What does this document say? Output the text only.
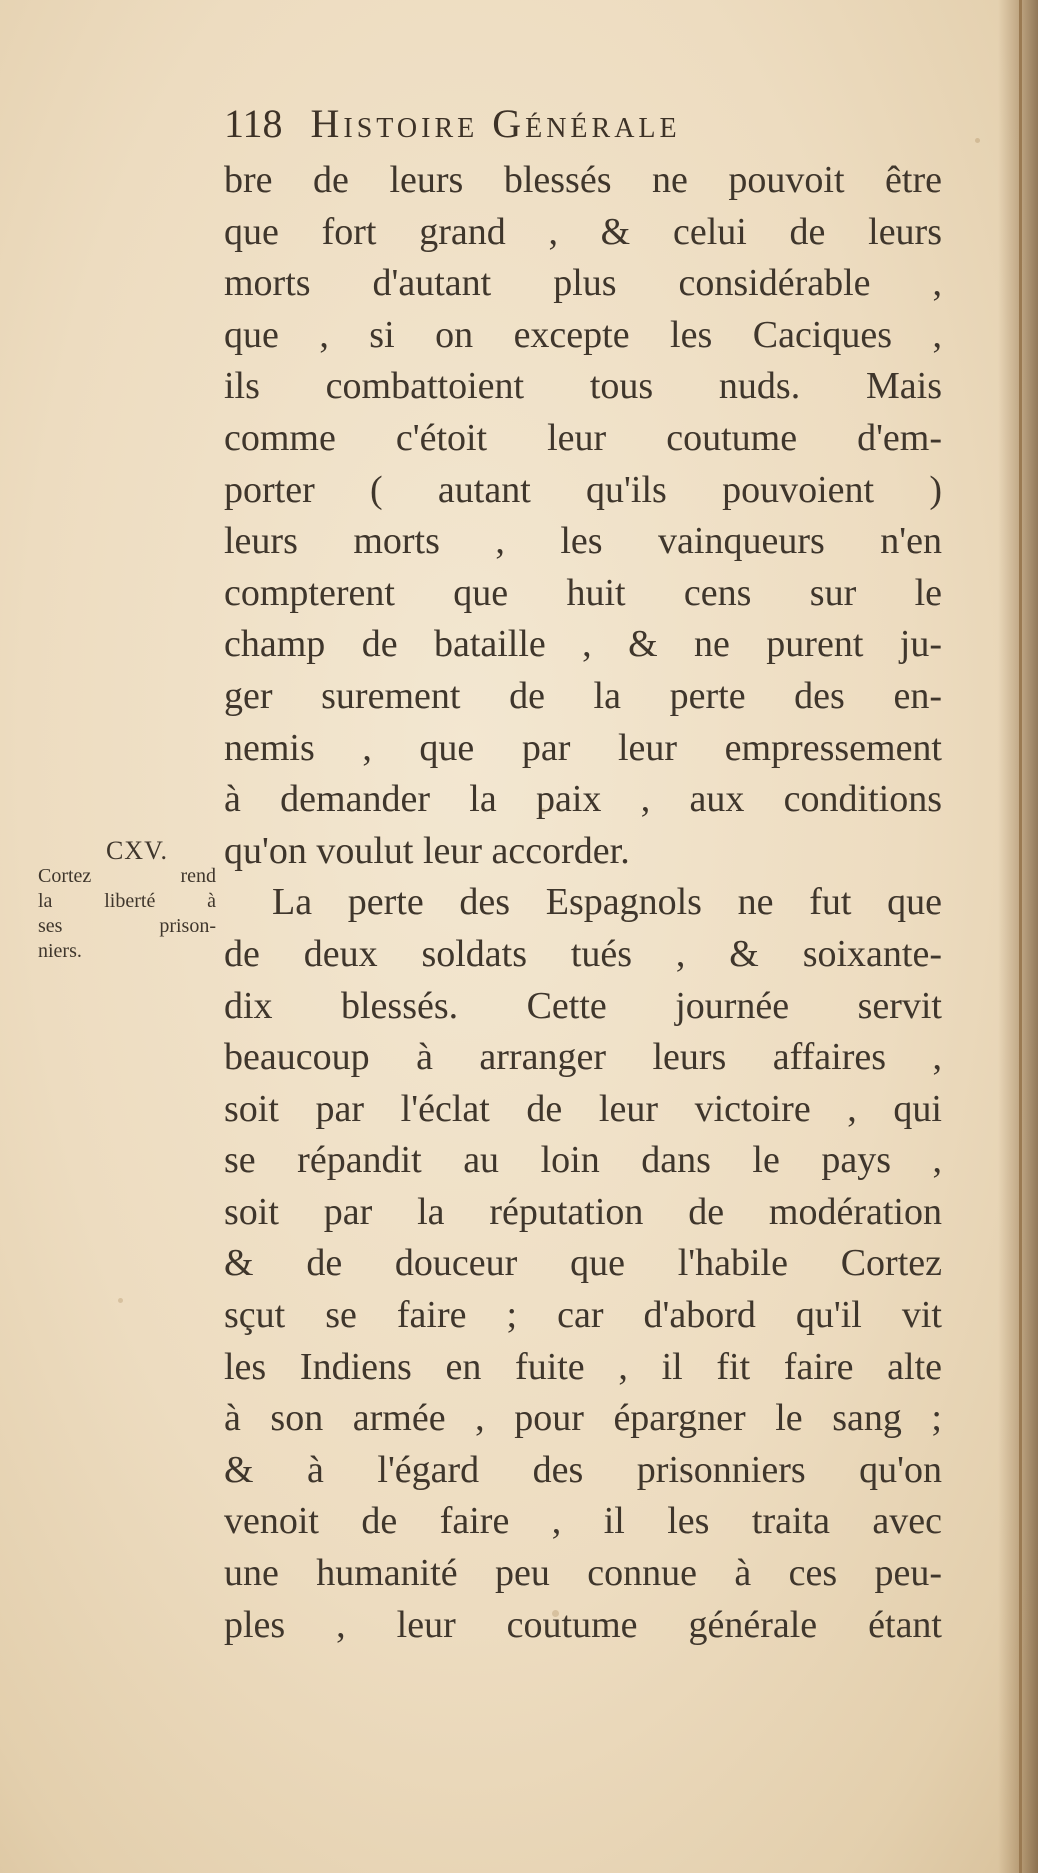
118 Histoire Générale
CXV.
Cortez rend
la liberté à
ses prison-
niers.
bre de leurs blessés ne pouvoit être
que fort grand , & celui de leurs
morts d'autant plus considérable ,
que , si on excepte les Caciques ,
ils combattoient tous nuds. Mais
comme c'étoit leur coutume d'em-
porter ( autant qu'ils pouvoient )
leurs morts , les vainqueurs n'en
compterent que huit cens sur le
champ de bataille , & ne purent ju-
ger surement de la perte des en-
nemis , que par leur empressement
à demander la paix , aux conditions
qu'on voulut leur accorder.
La perte des Espagnols ne fut que
de deux soldats tués , & soixante-
dix blessés. Cette journée servit
beaucoup à arranger leurs affaires ,
soit par l'éclat de leur victoire , qui
se répandit au loin dans le pays ,
soit par la réputation de modération
& de douceur que l'habile Cortez
sçut se faire ; car d'abord qu'il vit
les Indiens en fuite , il fit faire alte
à son armée , pour épargner le sang ;
& à l'égard des prisonniers qu'on
venoit de faire , il les traita avec
une humanité peu connue à ces peu-
ples , leur coutume générale étant
